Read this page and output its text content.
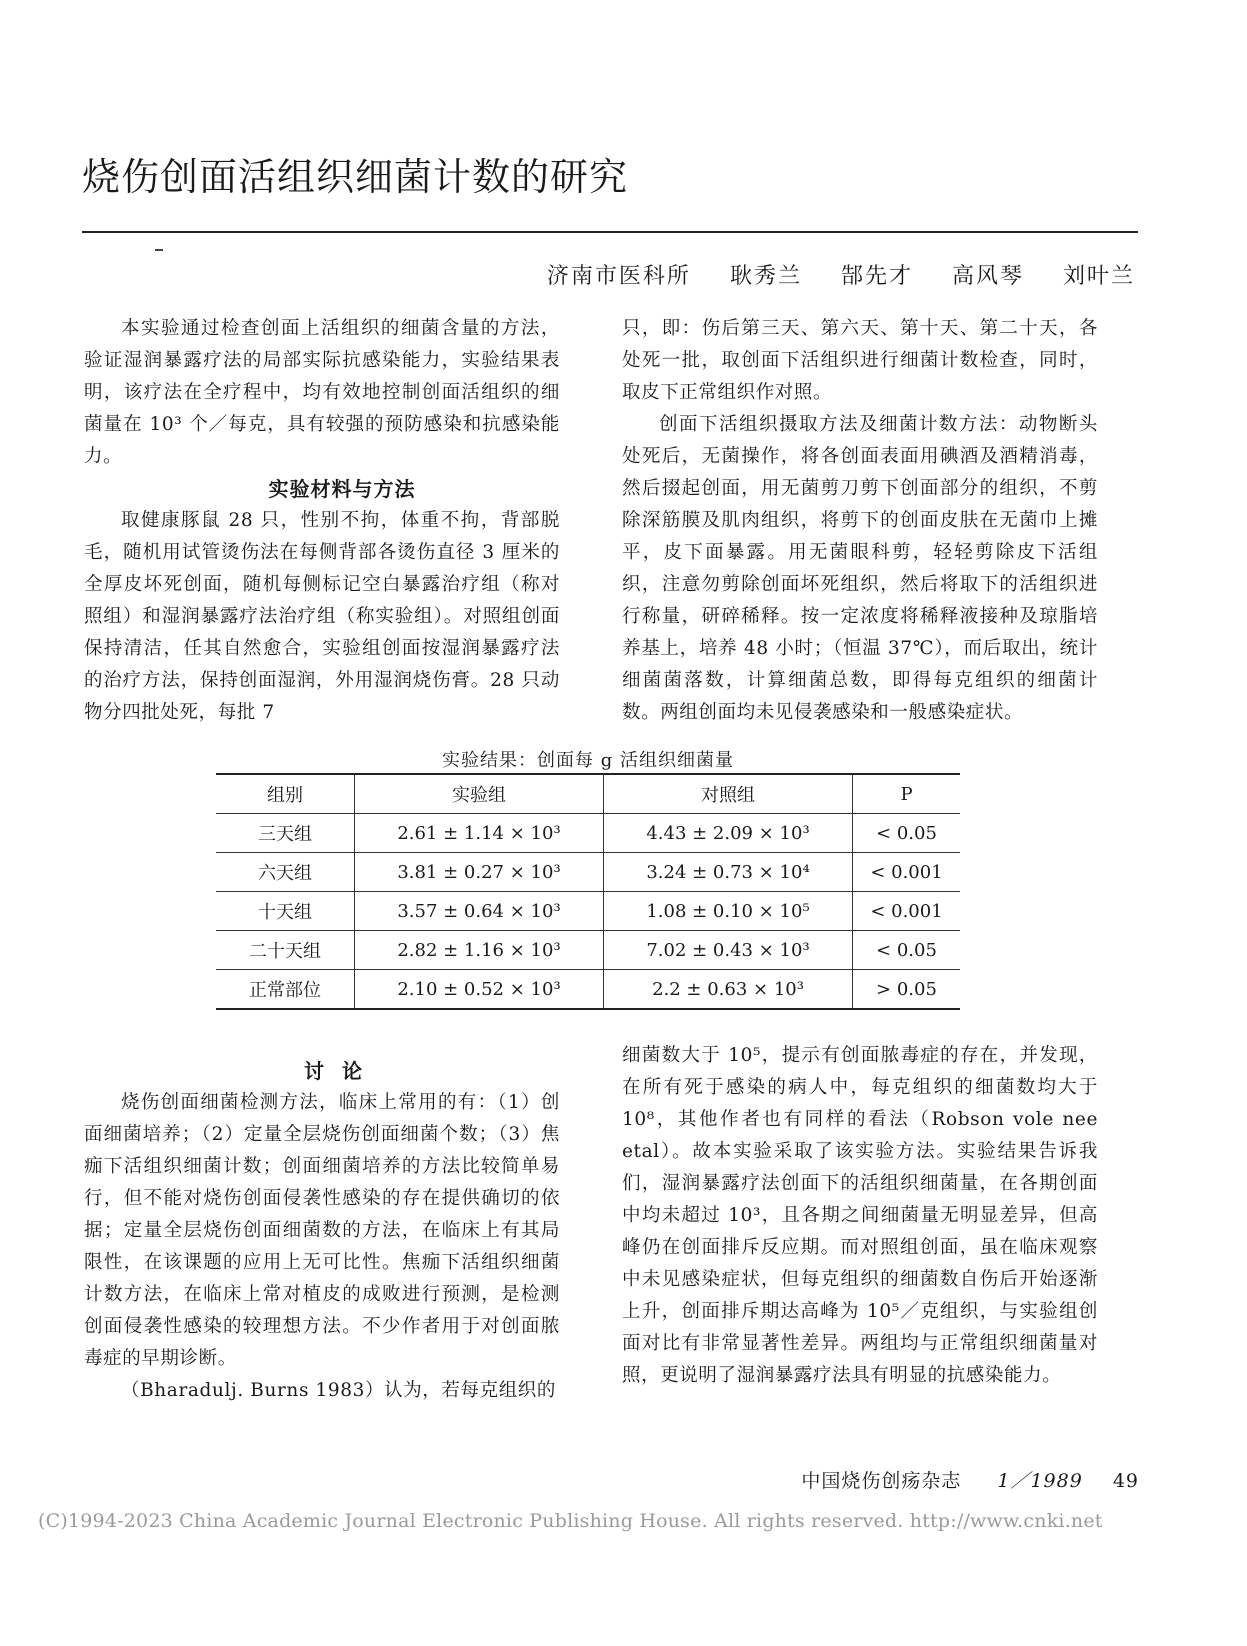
烧伤创面活组织细菌计数的研究
济南市医科所 耿秀兰 郜先才 高风琴 刘叶兰

本实验通过检查创面上活组织的细菌含量的方法，验证湿润暴露疗法的局部实际抗感染能力，实验结果表明，该疗法在全疗程中，均有效地控制创面活组织的细菌量在 10³ 个／每克，具有较强的预防感染和抗感染能力。

实验材料与方法

取健康豚鼠 28 只，性别不拘，体重不拘，背部脱毛，随机用试管烫伤法在每侧背部各烫伤直径 3 厘米的全厚皮坏死创面，随机每侧标记空白暴露治疗组（称对照组）和湿润暴露疗法治疗组（称实验组）。对照组创面保持清洁，任其自然愈合，实验组创面按湿润暴露疗法的治疗方法，保持创面湿润，外用湿润烧伤膏。28 只动物分四批处死，每批 7

只，即：伤后第三天、第六天、第十天、第二十天，各处死一批，取创面下活组织进行细菌计数检查，同时，取皮下正常组织作对照。

创面下活组织摄取方法及细菌计数方法：动物断头处死后，无菌操作，将各创面表面用碘酒及酒精消毒，然后掇起创面，用无菌剪刀剪下创面部分的组织，不剪除深筋膜及肌肉组织，将剪下的创面皮肤在无菌巾上摊平，皮下面暴露。用无菌眼科剪，轻轻剪除皮下活组织，注意勿剪除创面坏死组织，然后将取下的活组织进行称量，研碎稀释。按一定浓度将稀释液接种及琼脂培养基上，培养 48 小时；（恒温 37℃），而后取出，统计细菌菌落数，计算细菌总数，即得每克组织的细菌计数。两组创面均未见侵袭感染和一般感染症状。

实验结果：创面每 g 活组织细菌量
组别	实验组	对照组	P
三天组	2.61 ± 1.14 × 10³	4.43 ± 2.09 × 10³	< 0.05
六天组	3.81 ± 0.27 × 10³	3.24 ± 0.73 × 10⁴	< 0.001
十天组	3.57 ± 0.64 × 10³	1.08 ± 0.10 × 10⁵	< 0.001
二十天组	2.82 ± 1.16 × 10³	7.02 ± 0.43 × 10³	< 0.05
正常部位	2.10 ± 0.52 × 10³	2.2 ± 0.63 × 10³	> 0.05

讨论

烧伤创面细菌检测方法，临床上常用的有：（1）创面细菌培养；（2）定量全层烧伤创面细菌个数；（3）焦痂下活组织细菌计数；创面细菌培养的方法比较简单易行，但不能对烧伤创面侵袭性感染的存在提供确切的依据；定量全层烧伤创面细菌数的方法，在临床上有其局限性，在该课题的应用上无可比性。焦痂下活组织细菌计数方法，在临床上常对植皮的成败进行预测，是检测创面侵袭性感染的较理想方法。不少作者用于对创面脓毒症的早期诊断。

（Bharadulj. Burns 1983）认为，若每克组织的

细菌数大于 10⁵，提示有创面脓毒症的存在，并发现，在所有死于感染的病人中，每克组织的细菌数均大于 10⁸，其他作者也有同样的看法（Robson vole nee etal）。故本实验采取了该实验方法。实验结果告诉我们，湿润暴露疗法创面下的活组织细菌量，在各期创面中均未超过 10³，且各期之间细菌量无明显差异，但高峰仍在创面排斥反应期。而对照组创面，虽在临床观察中未见感染症状，但每克组织的细菌数自伤后开始逐渐上升，创面排斥期达高峰为 10⁵／克组织，与实验组创面对比有非常显著性差异。两组均与正常组织细菌量对照，更说明了湿润暴露疗法具有明显的抗感染能力。

中国烧伤创疡杂志 1／1989 49
(C)1994-2023 China Academic Journal Electronic Publishing House. All rights reserved. http://www.cnki.net
